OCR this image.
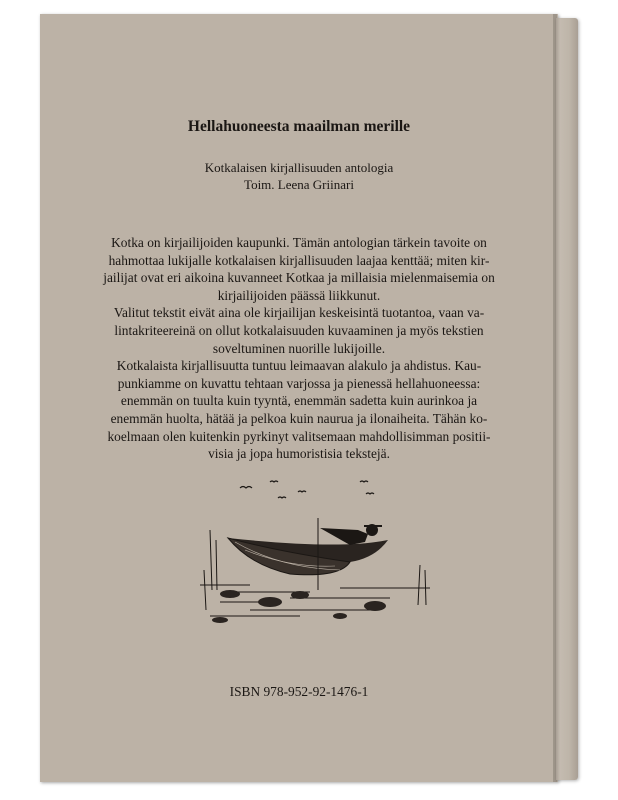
Hellahuoneesta maailman merille
Kotkalaisen kirjallisuuden antologia
Toim. Leena Griinari
Kotka on kirjailijoiden kaupunki. Tämän antologian tärkein tavoite on
hahmottaa lukijalle kotkalaisen kirjallisuuden laajaa kenttää; miten kir-
jailijat ovat eri aikoina kuvanneet Kotkaa ja millaisia mielenmaisemia on
kirjailijoiden päässä liikkunut.
Valitut tekstit eivät aina ole kirjailijan keskeisintä tuotantoa, vaan va-
lintakriteereinä on ollut kotkalaisuuden kuvaaminen ja myös tekstien
soveltuminen nuorille lukijoille.
Kotkalaista kirjallisuutta tuntuu leimaavan alakulo ja ahdistus. Kau-
punkiamme on kuvattu tehtaan varjossa ja pienessä hellahuoneessa:
enemmän on tuulta kuin tyyntä, enemmän sadetta kuin aurinkoa ja
enemmän huolta, hätää ja pelkoa kuin naurua ja ilonaiheita. Tähän ko-
koelmaan olen kuitenkin pyrkinyt valitsemaan mahdollisimman positii-
visia ja jopa humoristisia tekstejä.
ISBN 978-952-92-1476-1
